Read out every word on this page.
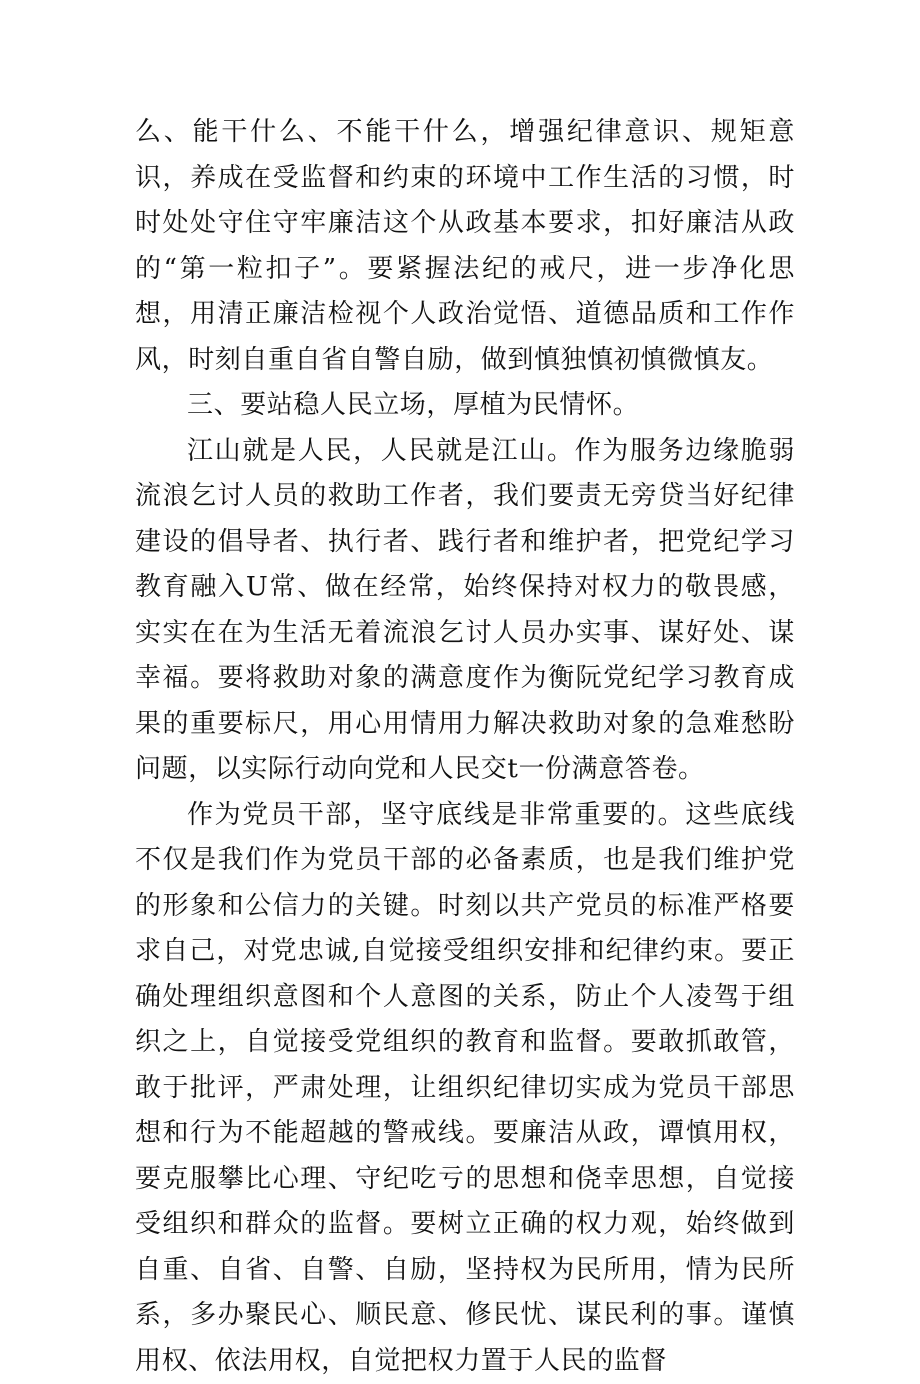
么、能干什么、不能干什么，增强纪律意识、规矩意识，养成在受监督和约束的环境中工作生活的习惯，时时处处守住守牢廉洁这个从政基本要求，扣好廉洁从政的“第一粒扣子”。要紧握法纪的戒尺，进一步净化思想，用清正廉洁检视个人政治觉悟、道德品质和工作作风，时刻自重自省自警自励，做到慎独慎初慎微慎友。

三、要站稳人民立场，厚植为民情怀。

江山就是人民，人民就是江山。作为服务边缘脆弱流浪乞讨人员的救助工作者，我们要责无旁贷当好纪律建设的倡导者、执行者、践行者和维护者，把党纪学习教育融入U常、做在经常，始终保持对权力的敬畏感，实实在在为生活无着流浪乞讨人员办实事、谋好处、谋幸福。要将救助对象的满意度作为衡阮党纪学习教育成果的重要标尺，用心用情用力解决救助对象的急难愁盼问题，以实际行动向党和人民交t一份满意答卷。

作为党员干部，坚守底线是非常重要的。这些底线不仅是我们作为党员干部的必备素质，也是我们维护党的形象和公信力的关键。时刻以共产党员的标准严格要求自己，对党忠诚,自觉接受组织安排和纪律约束。要正确处理组织意图和个人意图的关系，防止个人凌驾于组织之上，自觉接受党组织的教育和监督。要敢抓敢管，敢于批评，严肃处理，让组织纪律切实成为党员干部思想和行为不能超越的警戒线。要廉洁从政，谭慎用权，要克服攀比心理、守纪吃亏的思想和侥幸思想，自觉接受组织和群众的监督。要树立正确的权力观，始终做到自重、自省、自警、自励，坚持权为民所用，情为民所系，多办聚民心、顺民意、修民忧、谋民利的事。谨慎用权、依法用权，自觉把权力置于人民的监督
